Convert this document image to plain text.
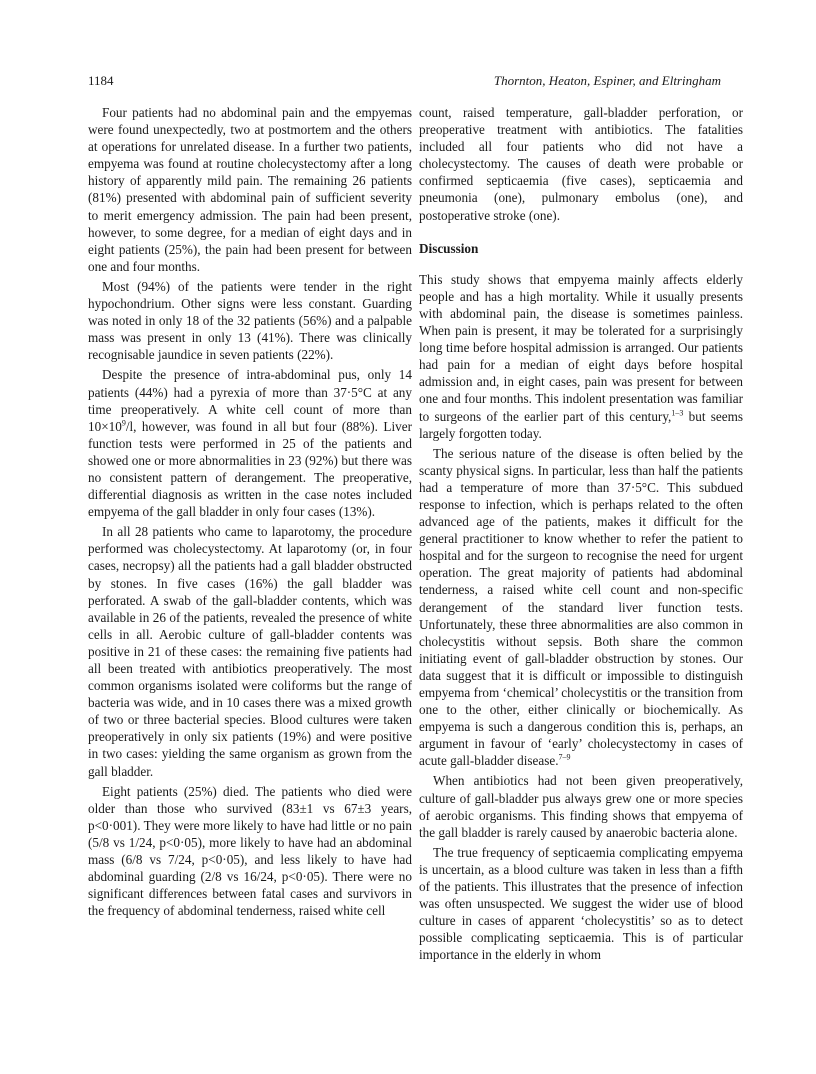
1184	Thornton, Heaton, Espiner, and Eltringham

Four patients had no abdominal pain and the empyemas were found unexpectedly, two at postmortem and the others at operations for unrelated disease. In a further two patients, empyema was found at routine cholecystectomy after a long history of apparently mild pain. The remaining 26 patients (81%) presented with abdominal pain of sufficient severity to merit emergency admission. The pain had been present, however, to some degree, for a median of eight days and in eight patients (25%), the pain had been present for between one and four months.

Most (94%) of the patients were tender in the right hypochondrium. Other signs were less constant. Guarding was noted in only 18 of the 32 patients (56%) and a palpable mass was present in only 13 (41%). There was clinically recognisable jaundice in seven patients (22%).

Despite the presence of intra-abdominal pus, only 14 patients (44%) had a pyrexia of more than 37·5°C at any time preoperatively. A white cell count of more than $10\times 10^9/l$, however, was found in all but four (88%). Liver function tests were performed in 25 of the patients and showed one or more abnormalities in 23 (92%) but there was no consistent pattern of derangement. The preoperative, differential diagnosis as written in the case notes included empyema of the gall bladder in only four cases (13%).

In all 28 patients who came to laparotomy, the procedure performed was cholecystectomy. At laparotomy (or, in four cases, necropsy) all the patients had a gall bladder obstructed by stones. In five cases (16%) the gall bladder was perforated. A swab of the gall-bladder contents, which was available in 26 of the patients, revealed the presence of white cells in all. Aerobic culture of gall-bladder contents was positive in 21 of these cases: the remaining five patients had all been treated with antibiotics preoperatively. The most common organisms isolated were coliforms but the range of bacteria was wide, and in 10 cases there was a mixed growth of two or three bacterial species. Blood cultures were taken preoperatively in only six patients (19%) and were positive in two cases: yielding the same organism as grown from the gall bladder.

Eight patients (25%) died. The patients who died were older than those who survived (83±1 vs 67±3 years, p<0·001). They were more likely to have had little or no pain (5/8 vs 1/24, p<0·05), more likely to have had an abdominal mass (6/8 vs 7/24, p<0·05), and less likely to have had abdominal guarding (2/8 vs 16/24, p<0·05). There were no significant differences between fatal cases and survivors in the frequency of abdominal tenderness, raised white cell

count, raised temperature, gall-bladder perforation, or preoperative treatment with antibiotics. The fatalities included all four patients who did not have a cholecystectomy. The causes of death were probable or confirmed septicaemia (five cases), septicaemia and pneumonia (one), pulmonary embolus (one), and postoperative stroke (one).

Discussion

This study shows that empyema mainly affects elderly people and has a high mortality. While it usually presents with abdominal pain, the disease is sometimes painless. When pain is present, it may be tolerated for a surprisingly long time before hospital admission is arranged. Our patients had pain for a median of eight days before hospital admission and, in eight cases, pain was present for between one and four months. This indolent presentation was familiar to surgeons of the earlier part of this century,$^{1-3}$ but seems largely forgotten today.

The serious nature of the disease is often belied by the scanty physical signs. In particular, less than half the patients had a temperature of more than 37·5°C. This subdued response to infection, which is perhaps related to the often advanced age of the patients, makes it difficult for the general practitioner to know whether to refer the patient to hospital and for the surgeon to recognise the need for urgent operation. The great majority of patients had abdominal tenderness, a raised white cell count and non-specific derangement of the standard liver function tests. Unfortunately, these three abnormalities are also common in cholecystitis without sepsis. Both share the common initiating event of gall-bladder obstruction by stones. Our data suggest that it is difficult or impossible to distinguish empyema from ‘chemical’ cholecystitis or the transition from one to the other, either clinically or biochemically. As empyema is such a dangerous condition this is, perhaps, an argument in favour of ‘early’ cholecystectomy in cases of acute gall-bladder disease.$^{7-9}$

When antibiotics had not been given preoperatively, culture of gall-bladder pus always grew one or more species of aerobic organisms. This finding shows that empyema of the gall bladder is rarely caused by anaerobic bacteria alone.

The true frequency of septicaemia complicating empyema is uncertain, as a blood culture was taken in less than a fifth of the patients. This illustrates that the presence of infection was often unsuspected. We suggest the wider use of blood culture in cases of apparent ‘cholecystitis’ so as to detect possible complicating septicaemia. This is of particular importance in the elderly in whom
